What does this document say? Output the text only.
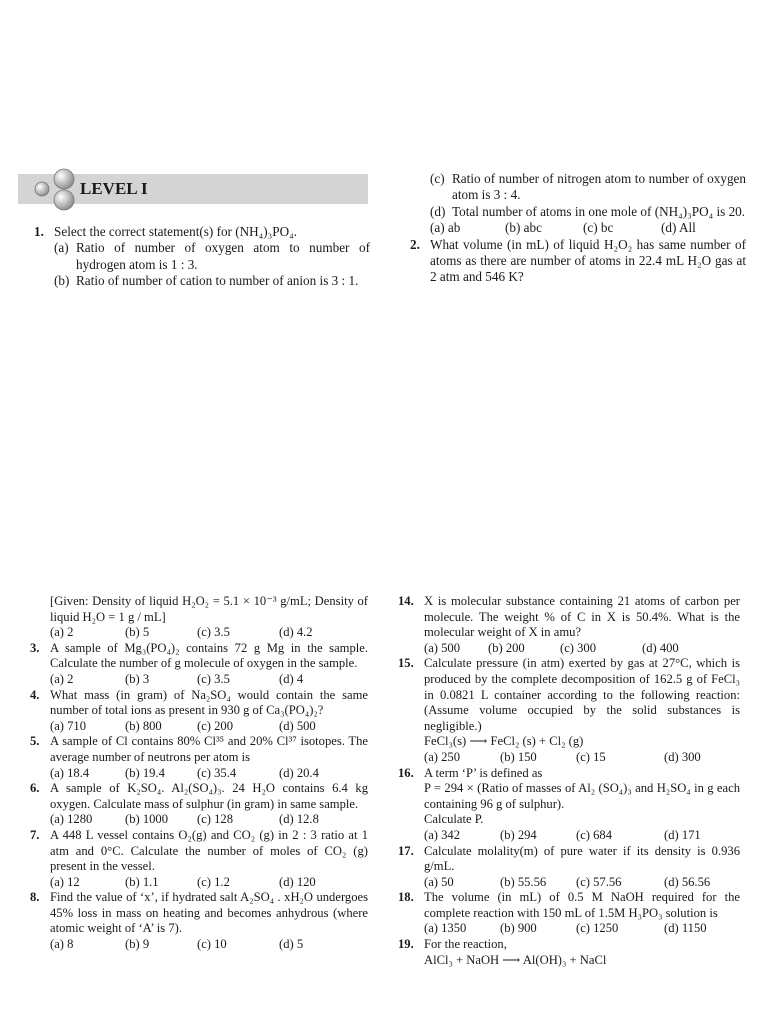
LEVEL I
1. Select the correct statement(s) for (NH₄)₃PO₄.
(a) Ratio of number of oxygen atom to number of hydrogen atom is 1 : 3.
(b) Ratio of number of cation to number of anion is 3 : 1.
(c) Ratio of number of nitrogen atom to number of oxygen atom is 3 : 4.
(d) Total number of atoms in one mole of (NH₄)₃PO₄ is 20.
(a) ab	(b) abc	(c) bc	(d) All
2. What volume (in mL) of liquid H₂O₂ has same number of atoms as there are number of atoms in 22.4 mL H₂O gas at 2 atm and 546 K?
[Given: Density of liquid H₂O₂ = 5.1 × 10⁻³ g/mL; Density of liquid H₂O = 1 g / mL]
(a) 2	(b) 5	(c) 3.5	(d) 4.2
3. A sample of Mg₃(PO₄)₂ contains 72 g Mg in the sample. Calculate the number of g molecule of oxygen in the sample.
(a) 2	(b) 3	(c) 3.5	(d) 4
4. What mass (in gram) of Na₂SO₄ would contain the same number of total ions as present in 930 g of Ca₃(PO₄)₂?
(a) 710	(b) 800	(c) 200	(d) 500
5. A sample of Cl contains 80% Cl³⁵ and 20% Cl³⁷ isotopes. The average number of neutrons per atom is
(a) 18.4	(b) 19.4	(c) 35.4	(d) 20.4
6. A sample of K₂SO₄. Al₂(SO₄)₃. 24 H₂O contains 6.4 kg oxygen. Calculate mass of sulphur (in gram) in same sample.
(a) 1280	(b) 1000	(c) 128	(d) 12.8
7. A 448 L vessel contains O₂(g) and CO₂ (g) in 2 : 3 ratio at 1 atm and 0°C. Calculate the number of moles of CO₂ (g) present in the vessel.
(a) 12	(b) 1.1	(c) 1.2	(d) 120
8. Find the value of ‘x’, if hydrated salt A₂SO₄ . xH₂O undergoes 45% loss in mass on heating and becomes anhydrous (where atomic weight of ‘A’ is 7).
(a) 8	(b) 9	(c) 10	(d) 5
14. X is molecular substance containing 21 atoms of carbon per molecule. The weight % of C in X is 50.4%. What is the molecular weight of X in amu?
(a) 500	(b) 200	(c) 300	(d) 400
15. Calculate pressure (in atm) exerted by gas at 27°C, which is produced by the complete decomposition of 162.5 g of FeCl₃ in 0.0821 L container according to the following reaction: (Assume volume occupied by the solid substances is negligible.)
FeCl₃(s) ⟶ FeCl₂ (s) + Cl₂ (g)
(a) 250	(b) 150	(c) 15	(d) 300
16. A term ‘P’ is defined as
P = 294 × (Ratio of masses of Al₂ (SO₄)₃ and H₂SO₄ in g each containing 96 g of sulphur).
Calculate P.
(a) 342	(b) 294	(c) 684	(d) 171
17. Calculate molality(m) of pure water if its density is 0.936 g/mL.
(a) 50	(b) 55.56	(c) 57.56	(d) 56.56
18. The volume (in mL) of 0.5 M NaOH required for the complete reaction with 150 mL of 1.5M H₃PO₃ solution is
(a) 1350	(b) 900	(c) 1250	(d) 1150
19. For the reaction,
AlCl₃ + NaOH ⟶ Al(OH)₃ + NaCl
